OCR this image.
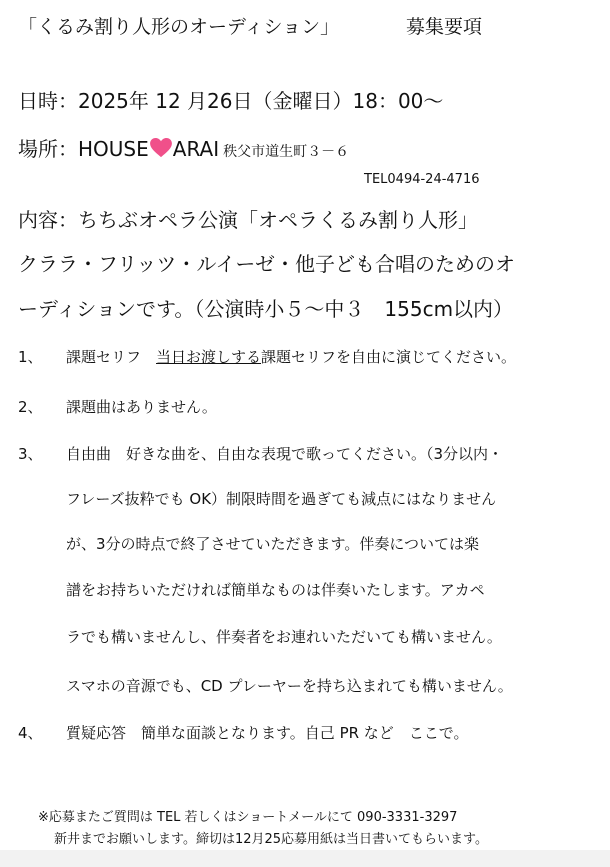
「くるみ割り人形のオーディション」	募集要項
日時：2025年 12 月26日（金曜日）18：00～
場所：HOUSE ARAI 秩父市道生町３－６
TEL0494-24-4716
内容：ちちぶオペラ公演「オペラくるみ割り人形」
クララ・フリッツ・ルイーゼ・他子ども合唱のためのオ
ーディションです。（公演時小５～中３　155cm以内）
1、 課題セリフ　当日お渡しする課題セリフを自由に演じてください。
2、 課題曲はありません。
3、 自由曲　好きな曲を、自由な表現で歌ってください。（3分以内・
フレーズ抜粋でも OK）制限時間を過ぎても減点にはなりません
が、3分の時点で終了させていただきます。伴奏については楽
譜をお持ちいただければ簡単なものは伴奏いたします。アカペ
ラでも構いませんし、伴奏者をお連れいただいても構いません。
スマホの音源でも、CD プレーヤーを持ち込まれても構いません。
4、 質疑応答　簡単な面談となります。自己 PR など　ここで。
※応募またご質問は TEL 若しくはショートメールにて 090-3331-3297
新井までお願いします。締切は12月25応募用紙は当日書いてもらいます。
